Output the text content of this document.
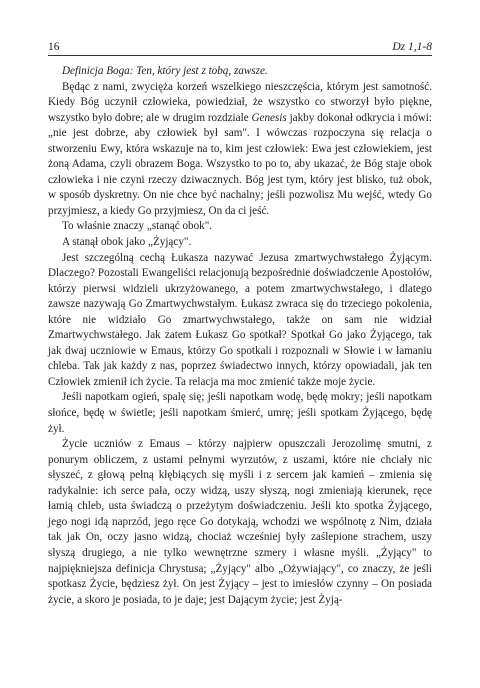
16	Dz 1,1-8

Definicja Boga: Ten, który jest z tobą, zawsze.

Będąc z nami, zwycięża korzeń wszelkiego nieszczęścia, którym jest samotność. Kiedy Bóg uczynił człowieka, powiedział, że wszystko co stworzył było piękne, wszystko było dobre; ale w drugim rozdziale Genesis jakby dokonał odkrycia i mówi: „nie jest dobrze, aby człowiek był sam". I wówczas rozpoczyna się relacja o stworzeniu Ewy, która wskazuje na to, kim jest człowiek: Ewa jest człowiekiem, jest żoną Adama, czyli obrazem Boga. Wszystko to po to, aby ukazać, że Bóg staje obok człowieka i nie czyni rzeczy dziwacznych. Bóg jest tym, który jest blisko, tuż obok, w sposób dyskretny. On nie chce być nachalny; jeśli pozwolisz Mu wejść, wtedy Go przyjmiesz, a kiedy Go przyjmiesz, On da ci jeść.

To właśnie znaczy „stanąć obok".

A stanął obok jako „Żyjący".

Jest szczególną cechą Łukasza nazywać Jezusa zmartwychwstałego Żyjącym. Dlaczego? Pozostali Ewangeliści relacjonują bezpośrednie doświadczenie Apostołów, którzy pierwsi widzieli ukrzyżowanego, a potem zmartwychwstałego, i dlatego zawsze nazywają Go Zmartwychwstałym. Łukasz zwraca się do trzeciego pokolenia, które nie widziało Go zmartwychwstałego, także on sam nie widział Zmartwychwstałego. Jak zatem Łukasz Go spotkał? Spotkał Go jako Żyjącego, tak jak dwaj uczniowie w Emaus, którzy Go spotkali i rozpoznali w Słowie i w łamaniu chleba. Tak jak każdy z nas, poprzez świadectwo innych, którzy opowiadali, jak ten Człowiek zmienił ich życie. Ta relacja ma moc zmienić także moje życie.

Jeśli napotkam ogień, spalę się; jeśli napotkam wodę, będę mokry; jeśli napotkam słońce, będę w świetle; jeśli napotkam śmierć, umrę; jeśli spotkam Żyjącego, będę żył.

Życie uczniów z Emaus – którzy najpierw opuszczali Jerozolimę smutni, z ponurym obliczem, z ustami pełnymi wyrzutów, z uszami, które nie chciały nic słyszeć, z głową pełną kłębiących się myśli i z sercem jak kamień – zmienia się radykalnie: ich serce pała, oczy widzą, uszy słyszą, nogi zmieniają kierunek, ręce łamią chleb, usta świadczą o przeżytym doświadczeniu. Jeśli kto spotka Żyjącego, jego nogi idą naprzód, jego ręce Go dotykają, wchodzi we wspólnotę z Nim, działa tak jak On, oczy jasno widzą, chociaż wcześniej były zaślepione strachem, uszy słyszą drugiego, a nie tylko wewnętrzne szmery i własne myśli. „Żyjący" to najpiękniejsza definicja Chrystusa; „Żyjący" albo „Ożywiający", co znaczy, że jeśli spotkasz Życie, będziesz żył. On jest Żyjący – jest to imiesłów czynny – On posiada życie, a skoro je posiada, to je daje; jest Dającym życie; jest Żyją-
